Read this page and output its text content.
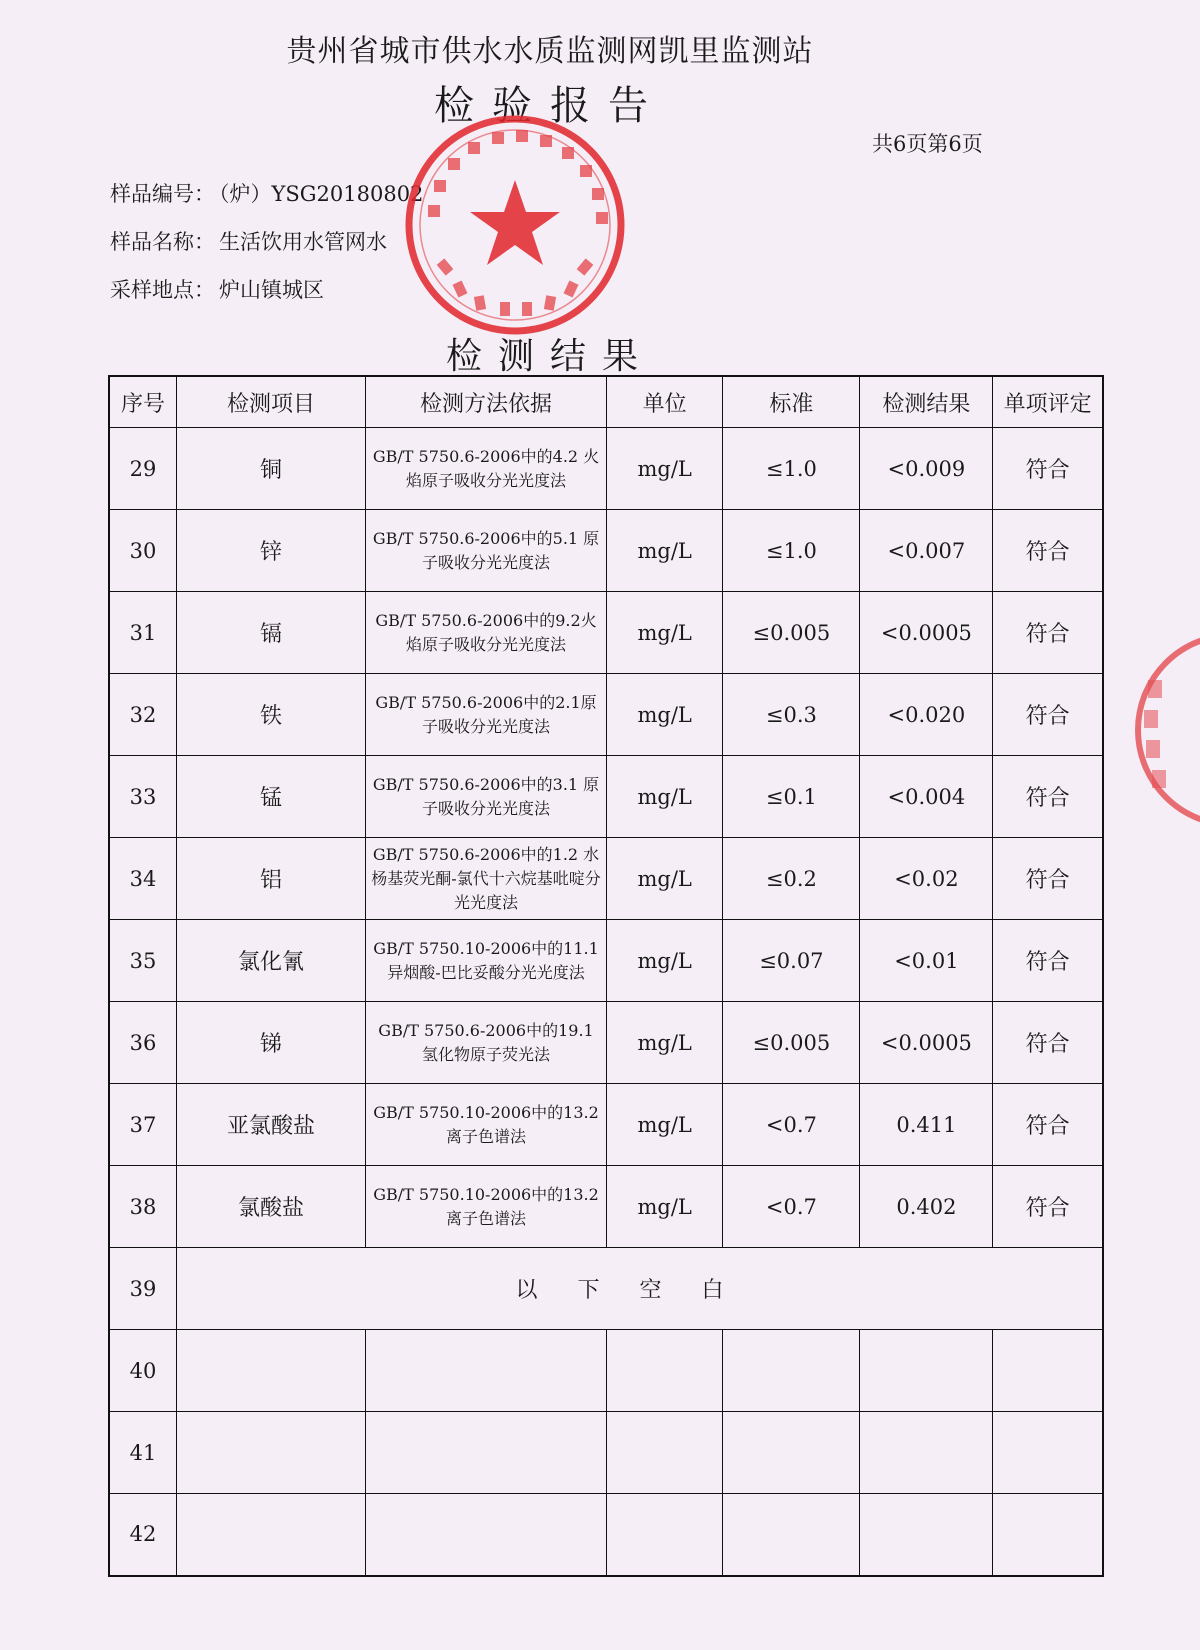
贵州省城市供水水质监测网凯里监测站
检验报告
共6页第6页
样品编号： （炉）YSG20180802
样品名称： 生活饮用水管网水
采样地点： 炉山镇城区
检测结果
序号	检测项目	检测方法依据	单位	标准	检测结果	单项评定
29	铜	GB/T 5750.6-2006中的4.2 火焰原子吸收分光光度法	mg/L	≤1.0	<0.009	符合
30	锌	GB/T 5750.6-2006中的5.1 原子吸收分光光度法	mg/L	≤1.0	<0.007	符合
31	镉	GB/T 5750.6-2006中的9.2火焰原子吸收分光光度法	mg/L	≤0.005	<0.0005	符合
32	铁	GB/T 5750.6-2006中的2.1原子吸收分光光度法	mg/L	≤0.3	<0.020	符合
33	锰	GB/T 5750.6-2006中的3.1 原子吸收分光光度法	mg/L	≤0.1	<0.004	符合
34	铝	GB/T 5750.6-2006中的1.2 水杨基荧光酮-氯代十六烷基吡啶分光光度法	mg/L	≤0.2	<0.02	符合
35	氯化氰	GB/T 5750.10-2006中的11.1 异烟酸-巴比妥酸分光光度法	mg/L	≤0.07	<0.01	符合
36	锑	GB/T 5750.6-2006中的19.1 氢化物原子荧光法	mg/L	≤0.005	<0.0005	符合
37	亚氯酸盐	GB/T 5750.10-2006中的13.2 离子色谱法	mg/L	<0.7	0.411	符合
38	氯酸盐	GB/T 5750.10-2006中的13.2 离子色谱法	mg/L	<0.7	0.402	符合
39	以下空白					
40						
41						
42						
